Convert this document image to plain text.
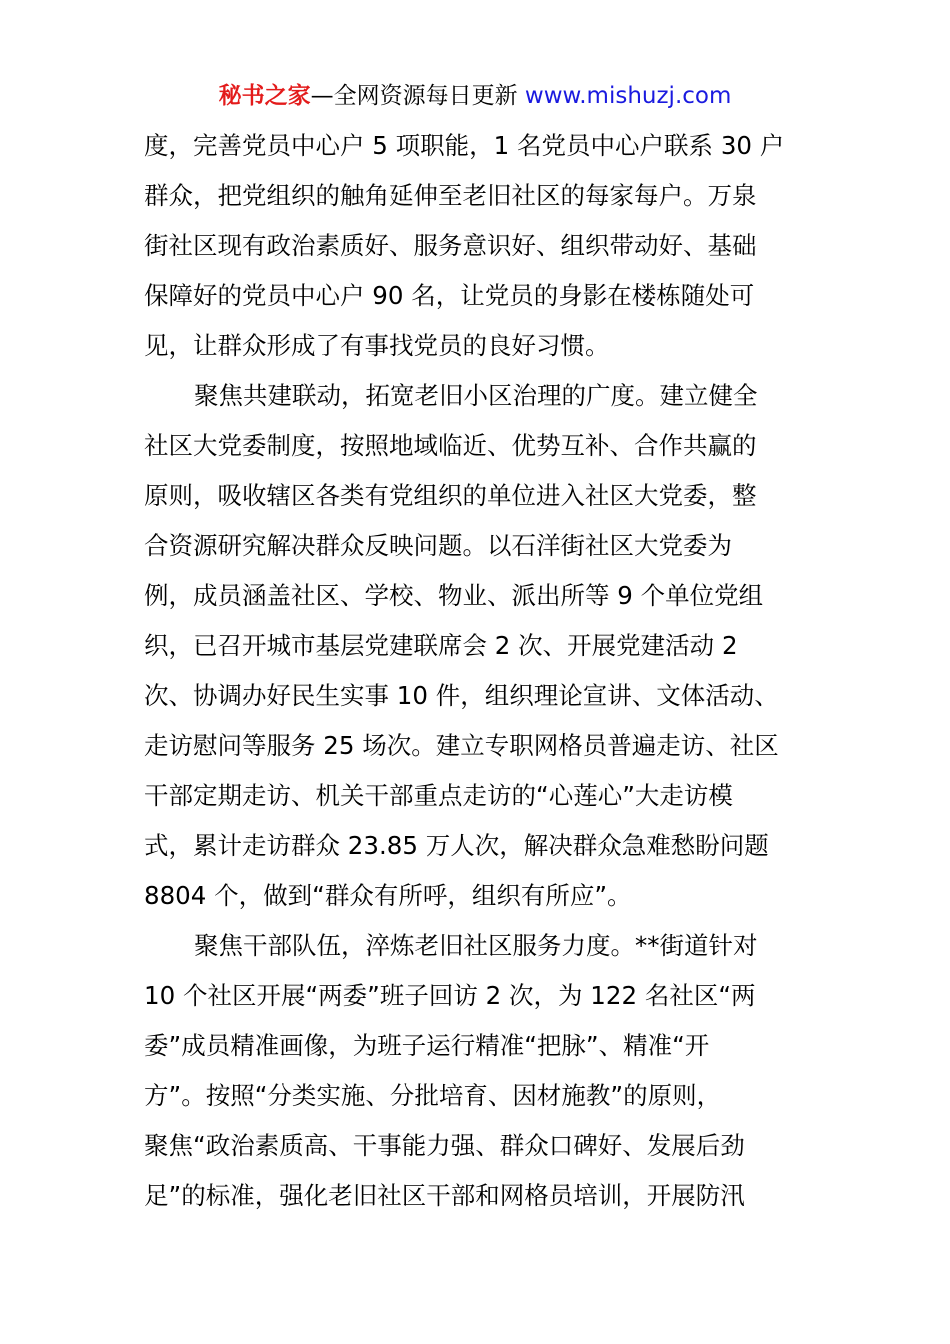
秘书之家—全网资源每日更新 www.mishuzj.com
度，完善党员中心户 5 项职能，1 名党员中心户联系 30 户
群众，把党组织的触角延伸至老旧社区的每家每户。万泉
街社区现有政治素质好、服务意识好、组织带动好、基础
保障好的党员中心户 90 名，让党员的身影在楼栋随处可
见，让群众形成了有事找党员的良好习惯。
聚焦共建联动，拓宽老旧小区治理的广度。建立健全
社区大党委制度，按照地域临近、优势互补、合作共赢的
原则，吸收辖区各类有党组织的单位进入社区大党委，整
合资源研究解决群众反映问题。以石洋街社区大党委为
例，成员涵盖社区、学校、物业、派出所等 9 个单位党组
织，已召开城市基层党建联席会 2 次、开展党建活动 2
次、协调办好民生实事 10 件，组织理论宣讲、文体活动、
走访慰问等服务 25 场次。建立专职网格员普遍走访、社区
干部定期走访、机关干部重点走访的“心莲心”大走访模
式，累计走访群众 23.85 万人次，解决群众急难愁盼问题
8804 个，做到“群众有所呼，组织有所应”。
聚焦干部队伍，淬炼老旧社区服务力度。**街道针对
10 个社区开展“两委”班子回访 2 次，为 122 名社区“两
委”成员精准画像，为班子运行精准“把脉”、精准“开
方”。按照“分类实施、分批培育、因材施教”的原则，
聚焦“政治素质高、干事能力强、群众口碑好、发展后劲
足”的标准，强化老旧社区干部和网格员培训，开展防汛
